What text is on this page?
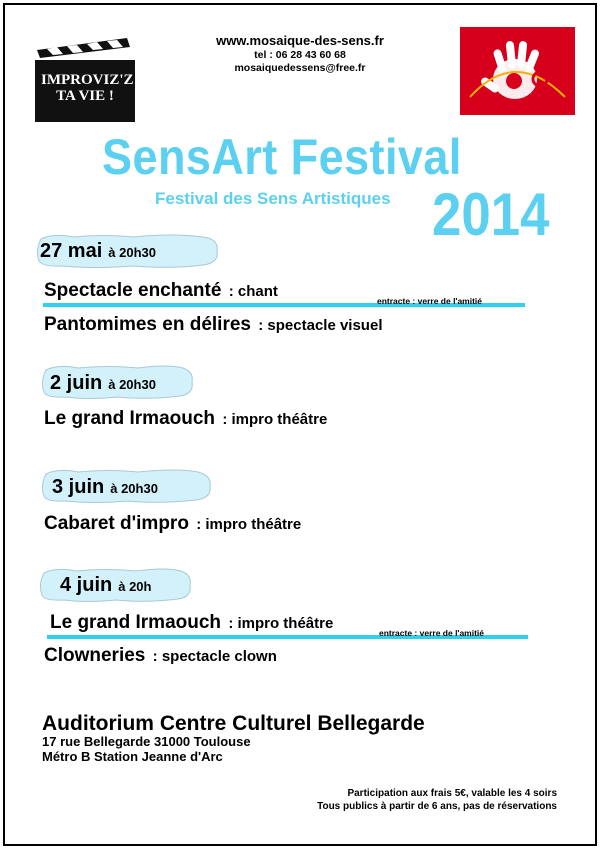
IMPROVIZ'Z
TA VIE !
www.mosaique-des-sens.fr
tel : 06 28 43 60 68
mosaiquedessens@free.fr
SensArt Festival
Festival des Sens Artistiques 2014
27 mai à 20h30
Spectacle enchanté : chant
entracte : verre de l'amitié
Pantomimes en délires : spectacle visuel
2 juin à 20h30
Le grand Irmaouch : impro théâtre
3 juin à 20h30
Cabaret d'impro : impro théâtre
4 juin à 20h
Le grand Irmaouch : impro théâtre
entracte : verre de l'amitié
Clowneries : spectacle clown
Auditorium Centre Culturel Bellegarde
17 rue Bellegarde 31000 Toulouse
Métro B Station Jeanne d'Arc
Participation aux frais 5€, valable les 4 soirs
Tous publics à partir de 6 ans, pas de réservations
